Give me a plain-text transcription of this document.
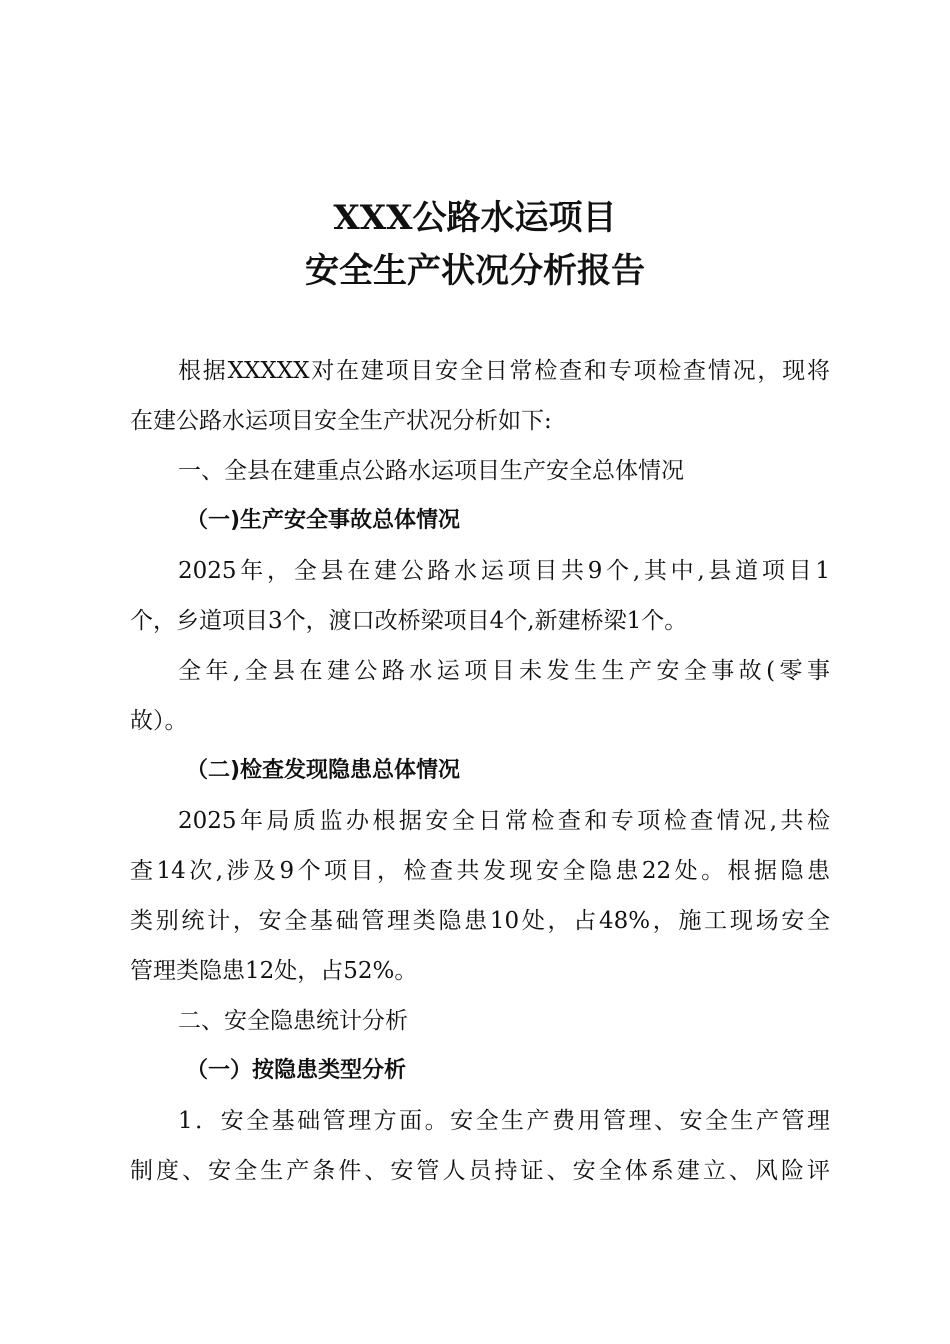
XXX公路水运项目
安全生产状况分析报告
根据XXXXX对在建项目安全日常检查和专项检查情况，现将
在建公路水运项目安全生产状况分析如下:
一、全县在建重点公路水运项目生产安全总体情况
（一)生产安全事故总体情况
2025年，全县在建公路水运项目共9个,其中,县道项目1
个，乡道项目3个，渡口改桥梁项目4个,新建桥梁1个。
全年,全县在建公路水运项目未发生生产安全事故(零事
故）。
（二)检查发现隐患总体情况
2025年局质监办根据安全日常检查和专项检查情况,共检
查14次,涉及9个项目，检查共发现安全隐患22处。根据隐患
类别统计，安全基础管理类隐患10处，占48%，施工现场安全
管理类隐患12处，占52%。
二、安全隐患统计分析
（一）按隐患类型分析
1．安全基础管理方面。安全生产费用管理、安全生产管理
制度、安全生产条件、安管人员持证、安全体系建立、风险评
